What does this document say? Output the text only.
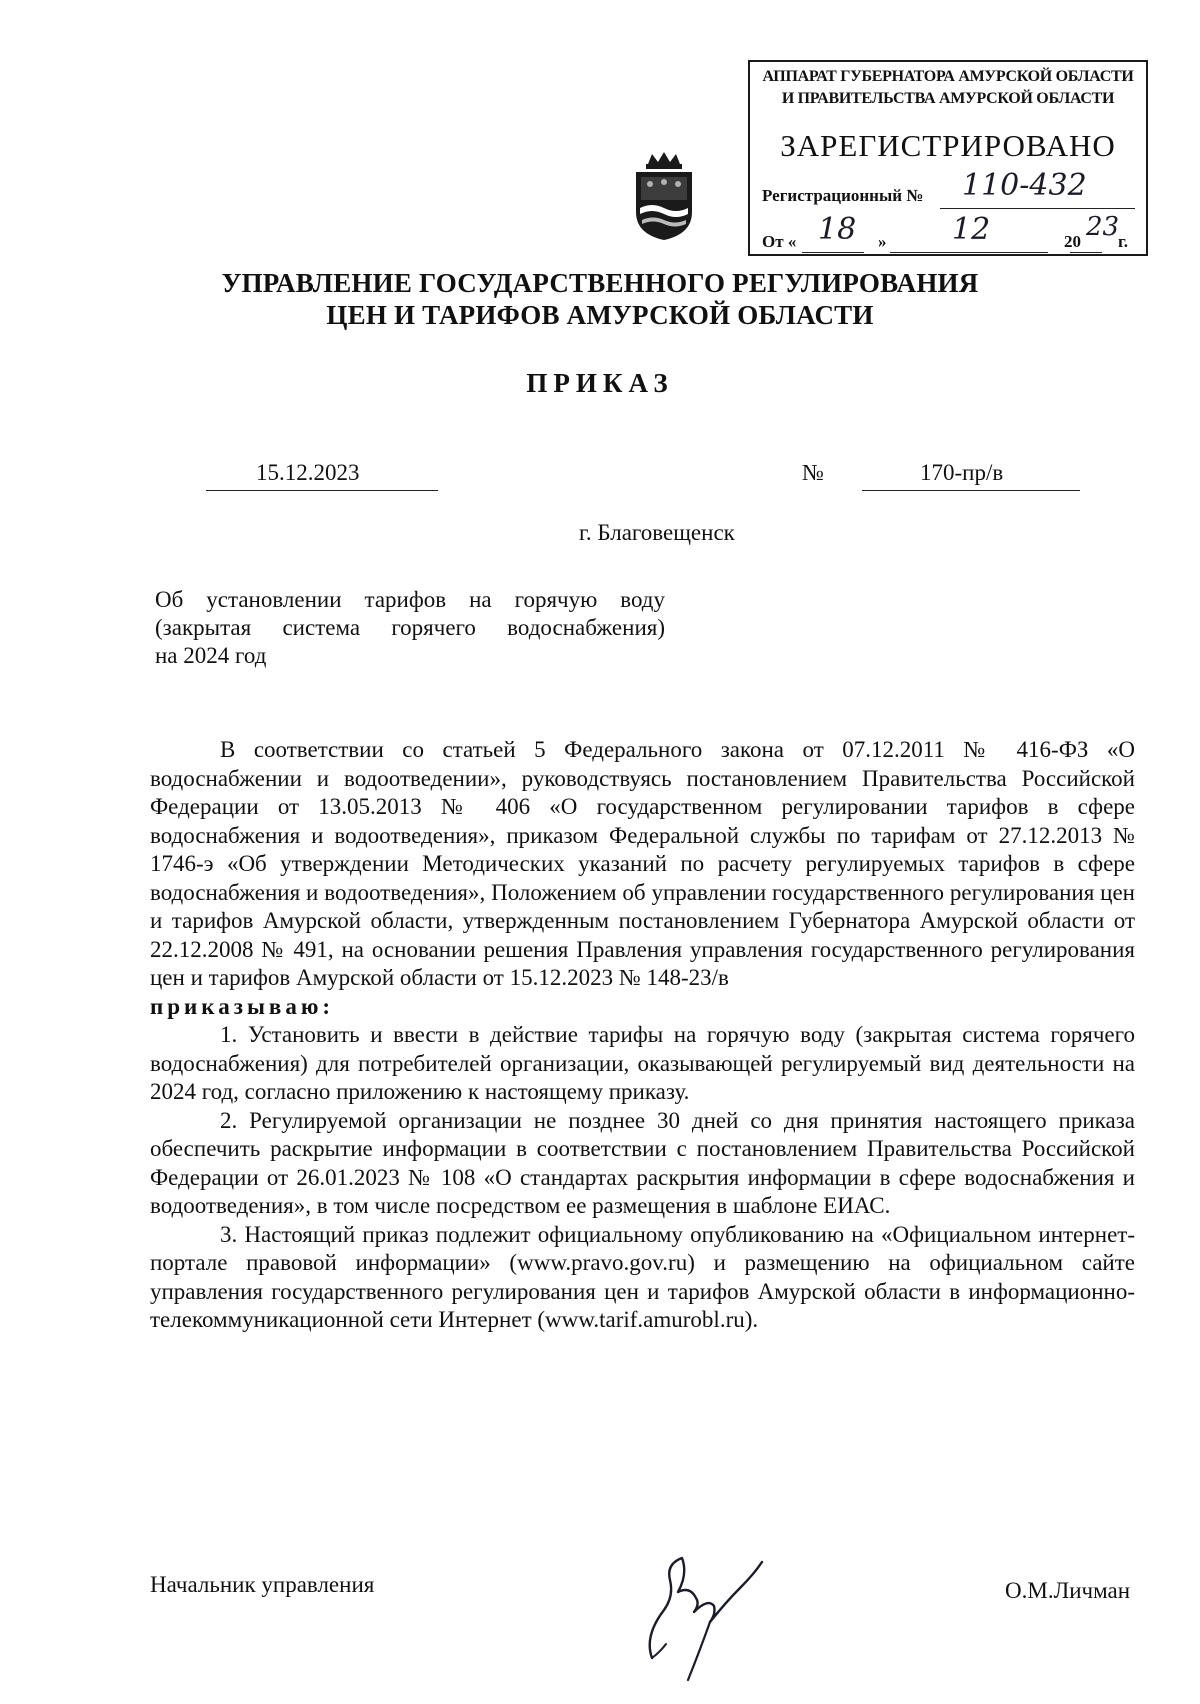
АППАРАТ ГУБЕРНАТОРА АМУРСКОЙ ОБЛАСТИ
И ПРАВИТЕЛЬСТВА АМУРСКОЙ ОБЛАСТИ
ЗАРЕГИСТРИРОВАНО
Регистрационный № 110-432
От « 18 » 12	20 23
г.
УПРАВЛЕНИЕ ГОСУДАРСТВЕННОГО РЕГУЛИРОВАНИЯ
ЦЕН И ТАРИФОВ АМУРСКОЙ ОБЛАСТИ
ПРИКАЗ
15.12.2023	№	170-пр/в
г. Благовещенск
Об установлении тарифов на горячую воду
(закрытая система горячего водоснабжения)
на 2024 год

В соответствии со статьей 5 Федерального закона от 07.12.2011 № 416-ФЗ «О водоснабжении и водоотведении», руководствуясь постановлением Правительства Российской Федерации от 13.05.2013 № 406 «О государственном регулировании тарифов в сфере водоснабжения и водоотведения», приказом Федеральной службы по тарифам от 27.12.2013 № 1746-э «Об утверждении Методических указаний по расчету регулируемых тарифов в сфере водоснабжения и водоотведения», Положением об управлении государственного регулирования цен и тарифов Амурской области, утвержденным постановлением Губернатора Амурской области от 22.12.2008 № 491, на основании решения Правления управления государственного регулирования цен и тарифов Амурской области от 15.12.2023 № 148-23/в

приказываю:

1. Установить и ввести в действие тарифы на горячую воду (закрытая система горячего водоснабжения) для потребителей организации, оказывающей регулируемый вид деятельности на 2024 год, согласно приложению к настоящему приказу.

2. Регулируемой организации не позднее 30 дней со дня принятия настоящего приказа обеспечить раскрытие информации в соответствии с постановлением Правительства Российской Федерации от 26.01.2023 № 108 «О стандартах раскрытия информации в сфере водоснабжения и водоотведения», в том числе посредством ее размещения в шаблоне ЕИАС.

3. Настоящий приказ подлежит официальному опубликованию на «Официальном интернет-портале правовой информации» (www.pravo.gov.ru) и размещению на официальном сайте управления государственного регулирования цен и тарифов Амурской области в информационно-телекоммуникационной сети Интернет (www.tarif.amurobl.ru).

Начальник управления	О.М.Личман
